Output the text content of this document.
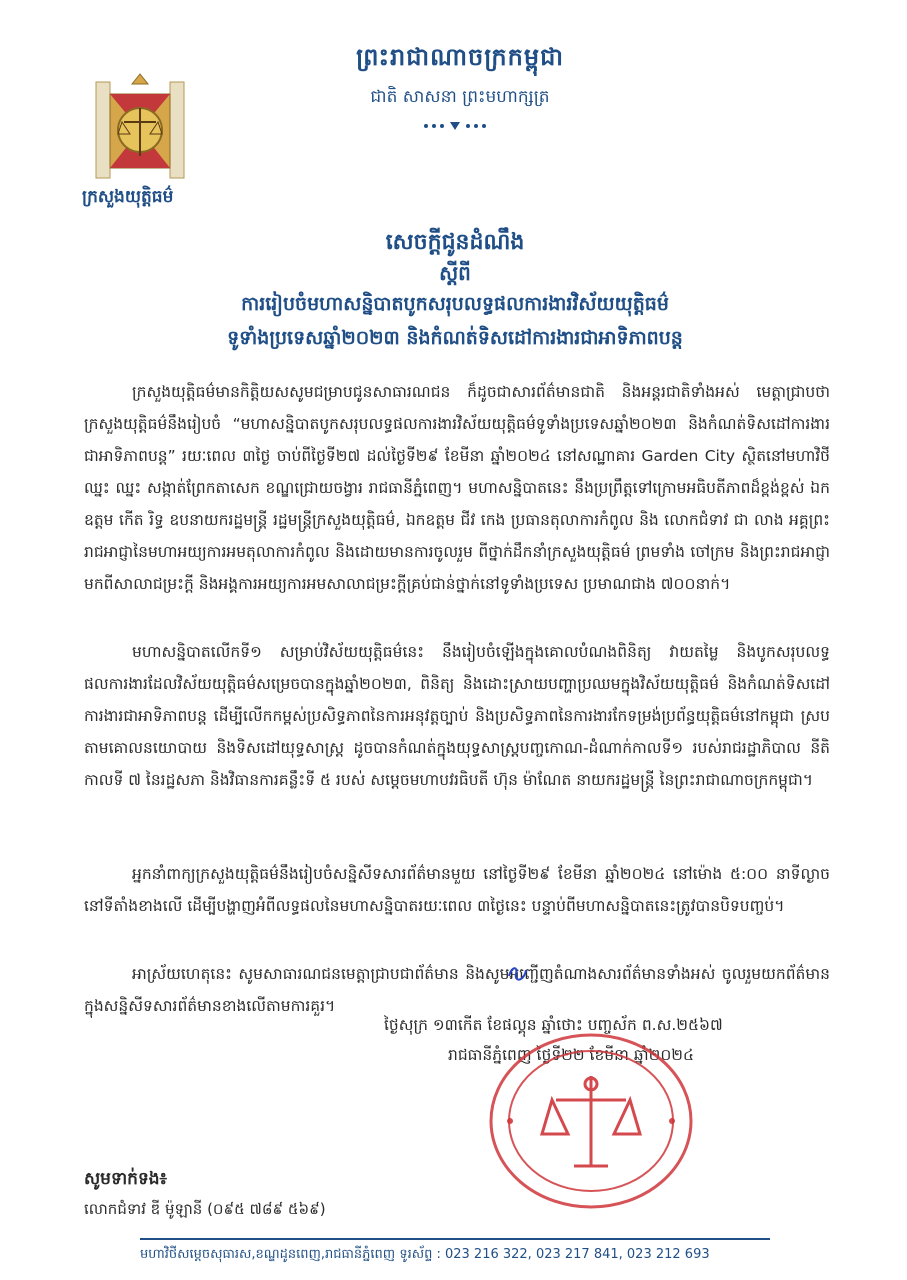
ក្រសួងយុត្តិធម៌
ព្រះរាជាណាចក្រកម្ពុជា
ជាតិ សាសនា ព្រះមហាក្សត្រ
សេចក្តីជូនដំណឹង
ស្តីពី
ការរៀបចំមហាសន្និបាតបូកសរុបលទ្ធផលការងារវិស័យយុត្តិធម៌
ទូទាំងប្រទេសឆ្នាំ២០២៣ និងកំណត់ទិសដៅការងារជាអាទិភាពបន្ត

ក្រសួងយុត្តិធម៌មានកិត្តិយសសូមជម្រាបជូនសាធារណជន ក៏ដូចជាសារព័ត៌មានជាតិ និងអន្តរជាតិទាំងអស់ មេត្តាជ្រាបថា ក្រសួងយុត្តិធម៌នឹងរៀបចំ “មហាសន្និបាតបូកសរុបលទ្ធផលការងារវិស័យយុត្តិធម៌ទូទាំងប្រទេសឆ្នាំ២០២៣ និងកំណត់ទិសដៅការងារជាអាទិភាពបន្ត” រយៈពេល ៣ថ្ងៃ ចាប់ពីថ្ងៃទី២៧ ដល់ថ្ងៃទី២៩ ខែមីនា ឆ្នាំ២០២៤ នៅសណ្ឋាគារ Garden City ស្ថិតនៅមហាវិថីឈ្នះ ឈ្នះ សង្កាត់ព្រែកតាសេក ខណ្ឌជ្រោយចង្វារ រាជធានីភ្នំពេញ។ មហាសន្និបាតនេះ នឹងប្រព្រឹត្តទៅក្រោមអធិបតីភាពដ៏ខ្ពង់ខ្ពស់ ឯកឧត្តម កើត រិទ្ធ ឧបនាយករដ្ឋមន្ត្រី រដ្ឋមន្ត្រីក្រសួងយុត្តិធម៌, ឯកឧត្តម ជីវ កេង ប្រធានតុលាការកំពូល និង លោកជំទាវ ជា លាង អគ្គព្រះរាជអាជ្ញានៃមហាអយ្យការអមតុលាការកំពូល និងដោយមានការចូលរួម ពីថ្នាក់ដឹកនាំក្រសួងយុត្តិធម៌ ព្រមទាំង ចៅក្រម និងព្រះរាជអាជ្ញា មកពីសាលាជម្រះក្តី និងអង្គការអយ្យការអមសាលាជម្រះក្តីគ្រប់ជាន់ថ្នាក់នៅទូទាំងប្រទេស ប្រមាណជាង ៧០០នាក់។

មហាសន្និបាតលើកទី១ សម្រាប់វិស័យយុត្តិធម៌នេះ នឹងរៀបចំឡើងក្នុងគោលបំណងពិនិត្យ វាយតម្លៃ និងបូកសរុបលទ្ធផលការងារដែលវិស័យយុត្តិធម៌សម្រេចបានក្នុងឆ្នាំ២០២៣, ពិនិត្យ និងដោះស្រាយបញ្ហាប្រឈមក្នុងវិស័យយុត្តិធម៌ និងកំណត់ទិសដៅការងារជាអាទិភាពបន្ត ដើម្បីលើកកម្ពស់ប្រសិទ្ធភាពនៃការអនុវត្តច្បាប់ និងប្រសិទ្ធភាពនៃការងារកែទម្រង់ប្រព័ន្ធយុត្តិធម៌នៅកម្ពុជា ស្របតាមគោលនយោបាយ និងទិសដៅយុទ្ធសាស្ត្រ ដូចបានកំណត់ក្នុងយុទ្ធសាស្ត្របញ្ចកោណ-ដំណាក់កាលទី១ របស់រាជរដ្ឋាភិបាល នីតិកាលទី ៧ នៃរដ្ឋសភា និងវិធានការគន្លឹះទី ៥ របស់ សម្តេចមហាបវរធិបតី ហ៊ុន ម៉ាណែត នាយករដ្ឋមន្ត្រី នៃព្រះរាជាណាចក្រកម្ពុជា។

អ្នកនាំពាក្យក្រសួងយុត្តិធម៌នឹងរៀបចំសន្និសីទសារព័ត៌មានមួយ នៅថ្ងៃទី២៩ ខែមីនា ឆ្នាំ២០២៤ នៅម៉ោង ៥:០០ នាទីល្ងាច នៅទីតាំងខាងលើ ដើម្បីបង្ហាញអំពីលទ្ធផលនៃមហាសន្និបាតរយៈពេល ៣ថ្ងៃនេះ បន្ទាប់ពីមហាសន្និបាតនេះត្រូវបានបិទបញ្ចប់។

អាស្រ័យហេតុនេះ សូមសាធារណជនមេត្តាជ្រាបជាព័ត៌មាន និងសូមអញ្ជើញតំណាងសារព័ត៌មានទាំងអស់ ចូលរួមយកព័ត៌មានក្នុងសន្និសីទសារព័ត៌មានខាងលើតាមការគួរ។

ថ្ងៃសុក្រ ១៣កើត ខែផល្គុន ឆ្នាំថោះ បញ្ចស័ក ព.ស.២៥៦៧
រាជធានីភ្នំពេញ ថ្ងៃទី២២ ខែមីនា ឆ្នាំ២០២៤
សូមទាក់ទង៖
លោកជំទាវ ឌី ម៉ូឡានី (០៩៥ ៧៨៩ ៥៦៩)
មហាវិថីសម្តេចសុធារស,ខណ្ឌដូនពេញ,រាជធានីភ្នំពេញ ទូរស័ព្ទ : 023 216 322, 023 217 841, 023 212 693
